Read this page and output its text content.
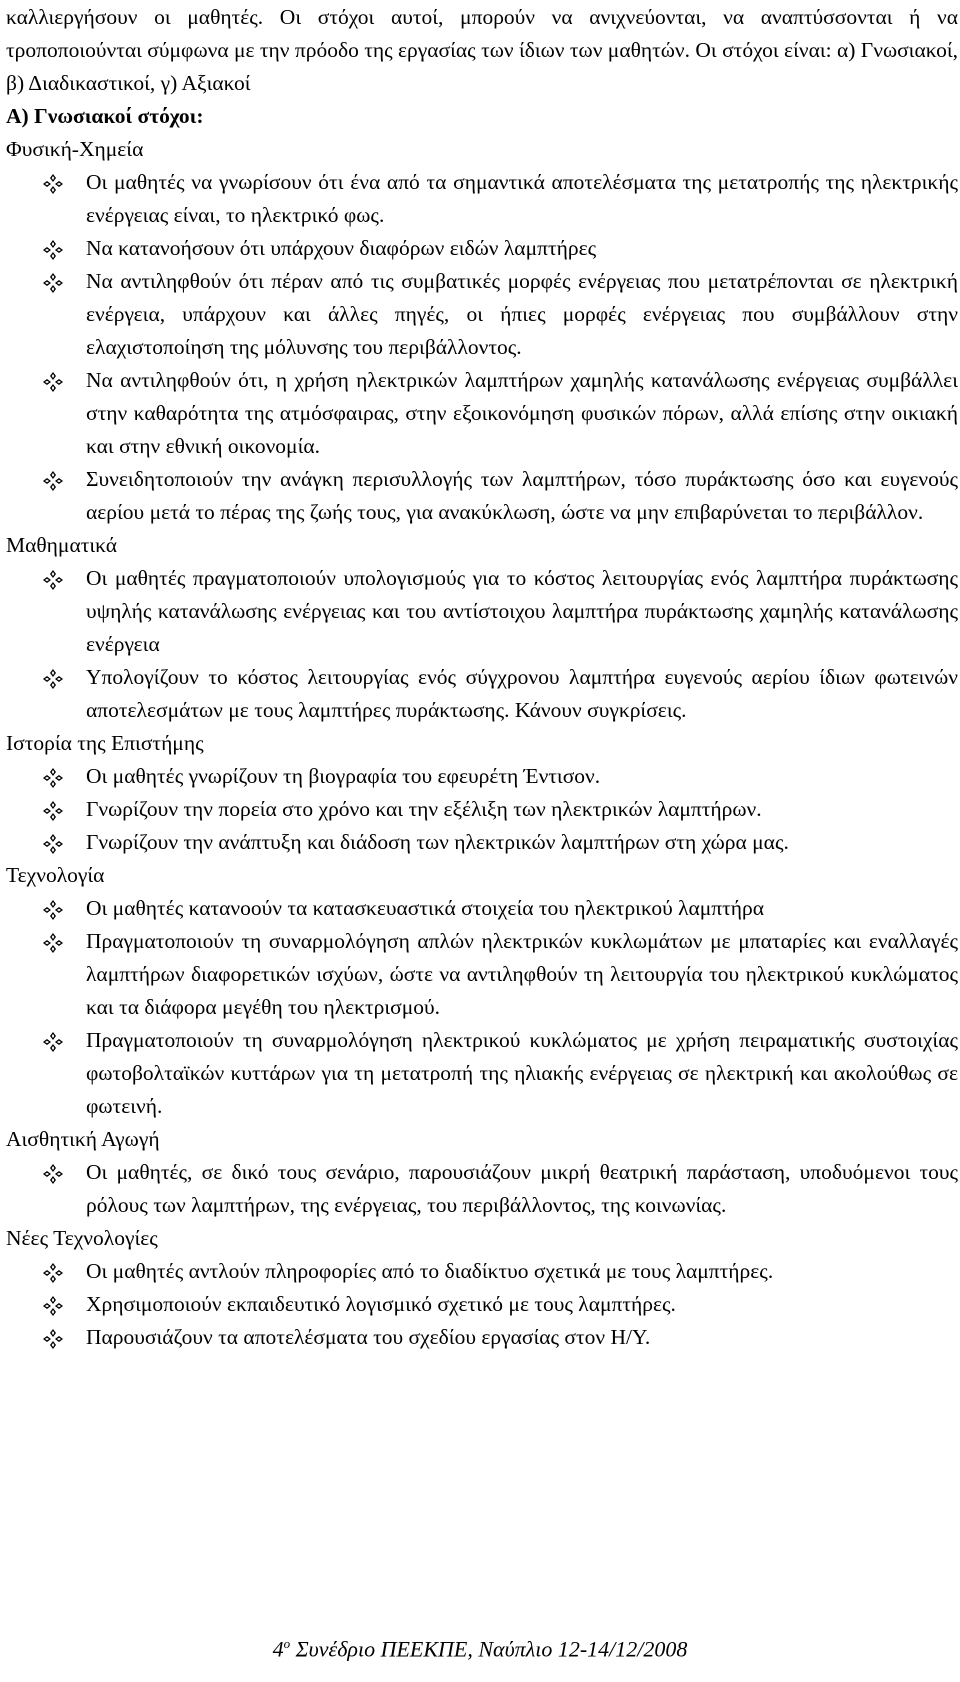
καλλιεργήσουν οι μαθητές. Οι στόχοι αυτοί, μπορούν να ανιχνεύονται, να αναπτύσσονται ή να τροποποιούνται σύμφωνα με την πρόοδο της εργασίας των ίδιων των μαθητών. Οι στόχοι είναι: α) Γνωσιακοί, β) Διαδικαστικοί, γ) Αξιακοί

Α) Γνωσιακοί στόχοι:

Φυσική-Χημεία

Οι μαθητές να γνωρίσουν ότι ένα από τα σημαντικά αποτελέσματα της μετατροπής της ηλεκτρικής ενέργειας είναι, το ηλεκτρικό φως.

Να κατανοήσουν ότι υπάρχουν διαφόρων ειδών λαμπτήρες

Να αντιληφθούν ότι πέραν από τις συμβατικές μορφές ενέργειας που μετατρέπονται σε ηλεκτρική ενέργεια, υπάρχουν και άλλες πηγές, οι ήπιες μορφές ενέργειας που συμβάλλουν στην ελαχιστοποίηση της μόλυνσης του περιβάλλοντος.

Να αντιληφθούν ότι, η χρήση ηλεκτρικών λαμπτήρων χαμηλής κατανάλωσης ενέργειας συμβάλλει στην καθαρότητα της ατμόσφαιρας, στην εξοικονόμηση φυσικών πόρων, αλλά επίσης στην οικιακή και στην εθνική οικονομία.

Συνειδητοποιούν την ανάγκη περισυλλογής των λαμπτήρων, τόσο πυράκτωσης όσο και ευγενούς αερίου μετά το πέρας της ζωής τους, για ανακύκλωση, ώστε να μην επιβαρύνεται το περιβάλλον.

Μαθηματικά

Οι μαθητές πραγματοποιούν υπολογισμούς για το κόστος λειτουργίας ενός λαμπτήρα πυράκτωσης υψηλής κατανάλωσης ενέργειας και του αντίστοιχου λαμπτήρα πυράκτωσης χαμηλής κατανάλωσης ενέργεια

Υπολογίζουν το κόστος λειτουργίας ενός σύγχρονου λαμπτήρα ευγενούς αερίου ίδιων φωτεινών αποτελεσμάτων με τους λαμπτήρες πυράκτωσης. Κάνουν συγκρίσεις.

Ιστορία της Επιστήμης

Οι μαθητές γνωρίζουν τη βιογραφία του εφευρέτη Έντισον.

Γνωρίζουν την πορεία στο χρόνο και την εξέλιξη των ηλεκτρικών λαμπτήρων.

Γνωρίζουν την ανάπτυξη και διάδοση των ηλεκτρικών λαμπτήρων στη χώρα μας.

Τεχνολογία

Οι μαθητές κατανοούν τα κατασκευαστικά στοιχεία του ηλεκτρικού λαμπτήρα

Πραγματοποιούν τη συναρμολόγηση απλών ηλεκτρικών κυκλωμάτων με μπαταρίες και εναλλαγές λαμπτήρων διαφορετικών ισχύων, ώστε να αντιληφθούν τη λειτουργία του ηλεκτρικού κυκλώματος και τα διάφορα μεγέθη του ηλεκτρισμού.

Πραγματοποιούν τη συναρμολόγηση ηλεκτρικού κυκλώματος με χρήση πειραματικής συστοιχίας φωτοβολταϊκών κυττάρων για τη μετατροπή της ηλιακής ενέργειας σε ηλεκτρική και ακολούθως σε φωτεινή.

Αισθητική Αγωγή

Οι μαθητές, σε δικό τους σενάριο, παρουσιάζουν μικρή θεατρική παράσταση, υποδυόμενοι τους ρόλους των λαμπτήρων, της ενέργειας, του περιβάλλοντος, της κοινωνίας.

Νέες Τεχνολογίες

Οι μαθητές αντλούν πληροφορίες από το διαδίκτυο σχετικά με τους λαμπτήρες.

Χρησιμοποιούν εκπαιδευτικό λογισμικό σχετικό με τους λαμπτήρες.

Παρουσιάζουν τα αποτελέσματα του σχεδίου εργασίας στον Η/Υ.

$4^o$ Συνέδριο ΠΕΕΚΠΕ, Ναύπλιο 12-14/12/2008
